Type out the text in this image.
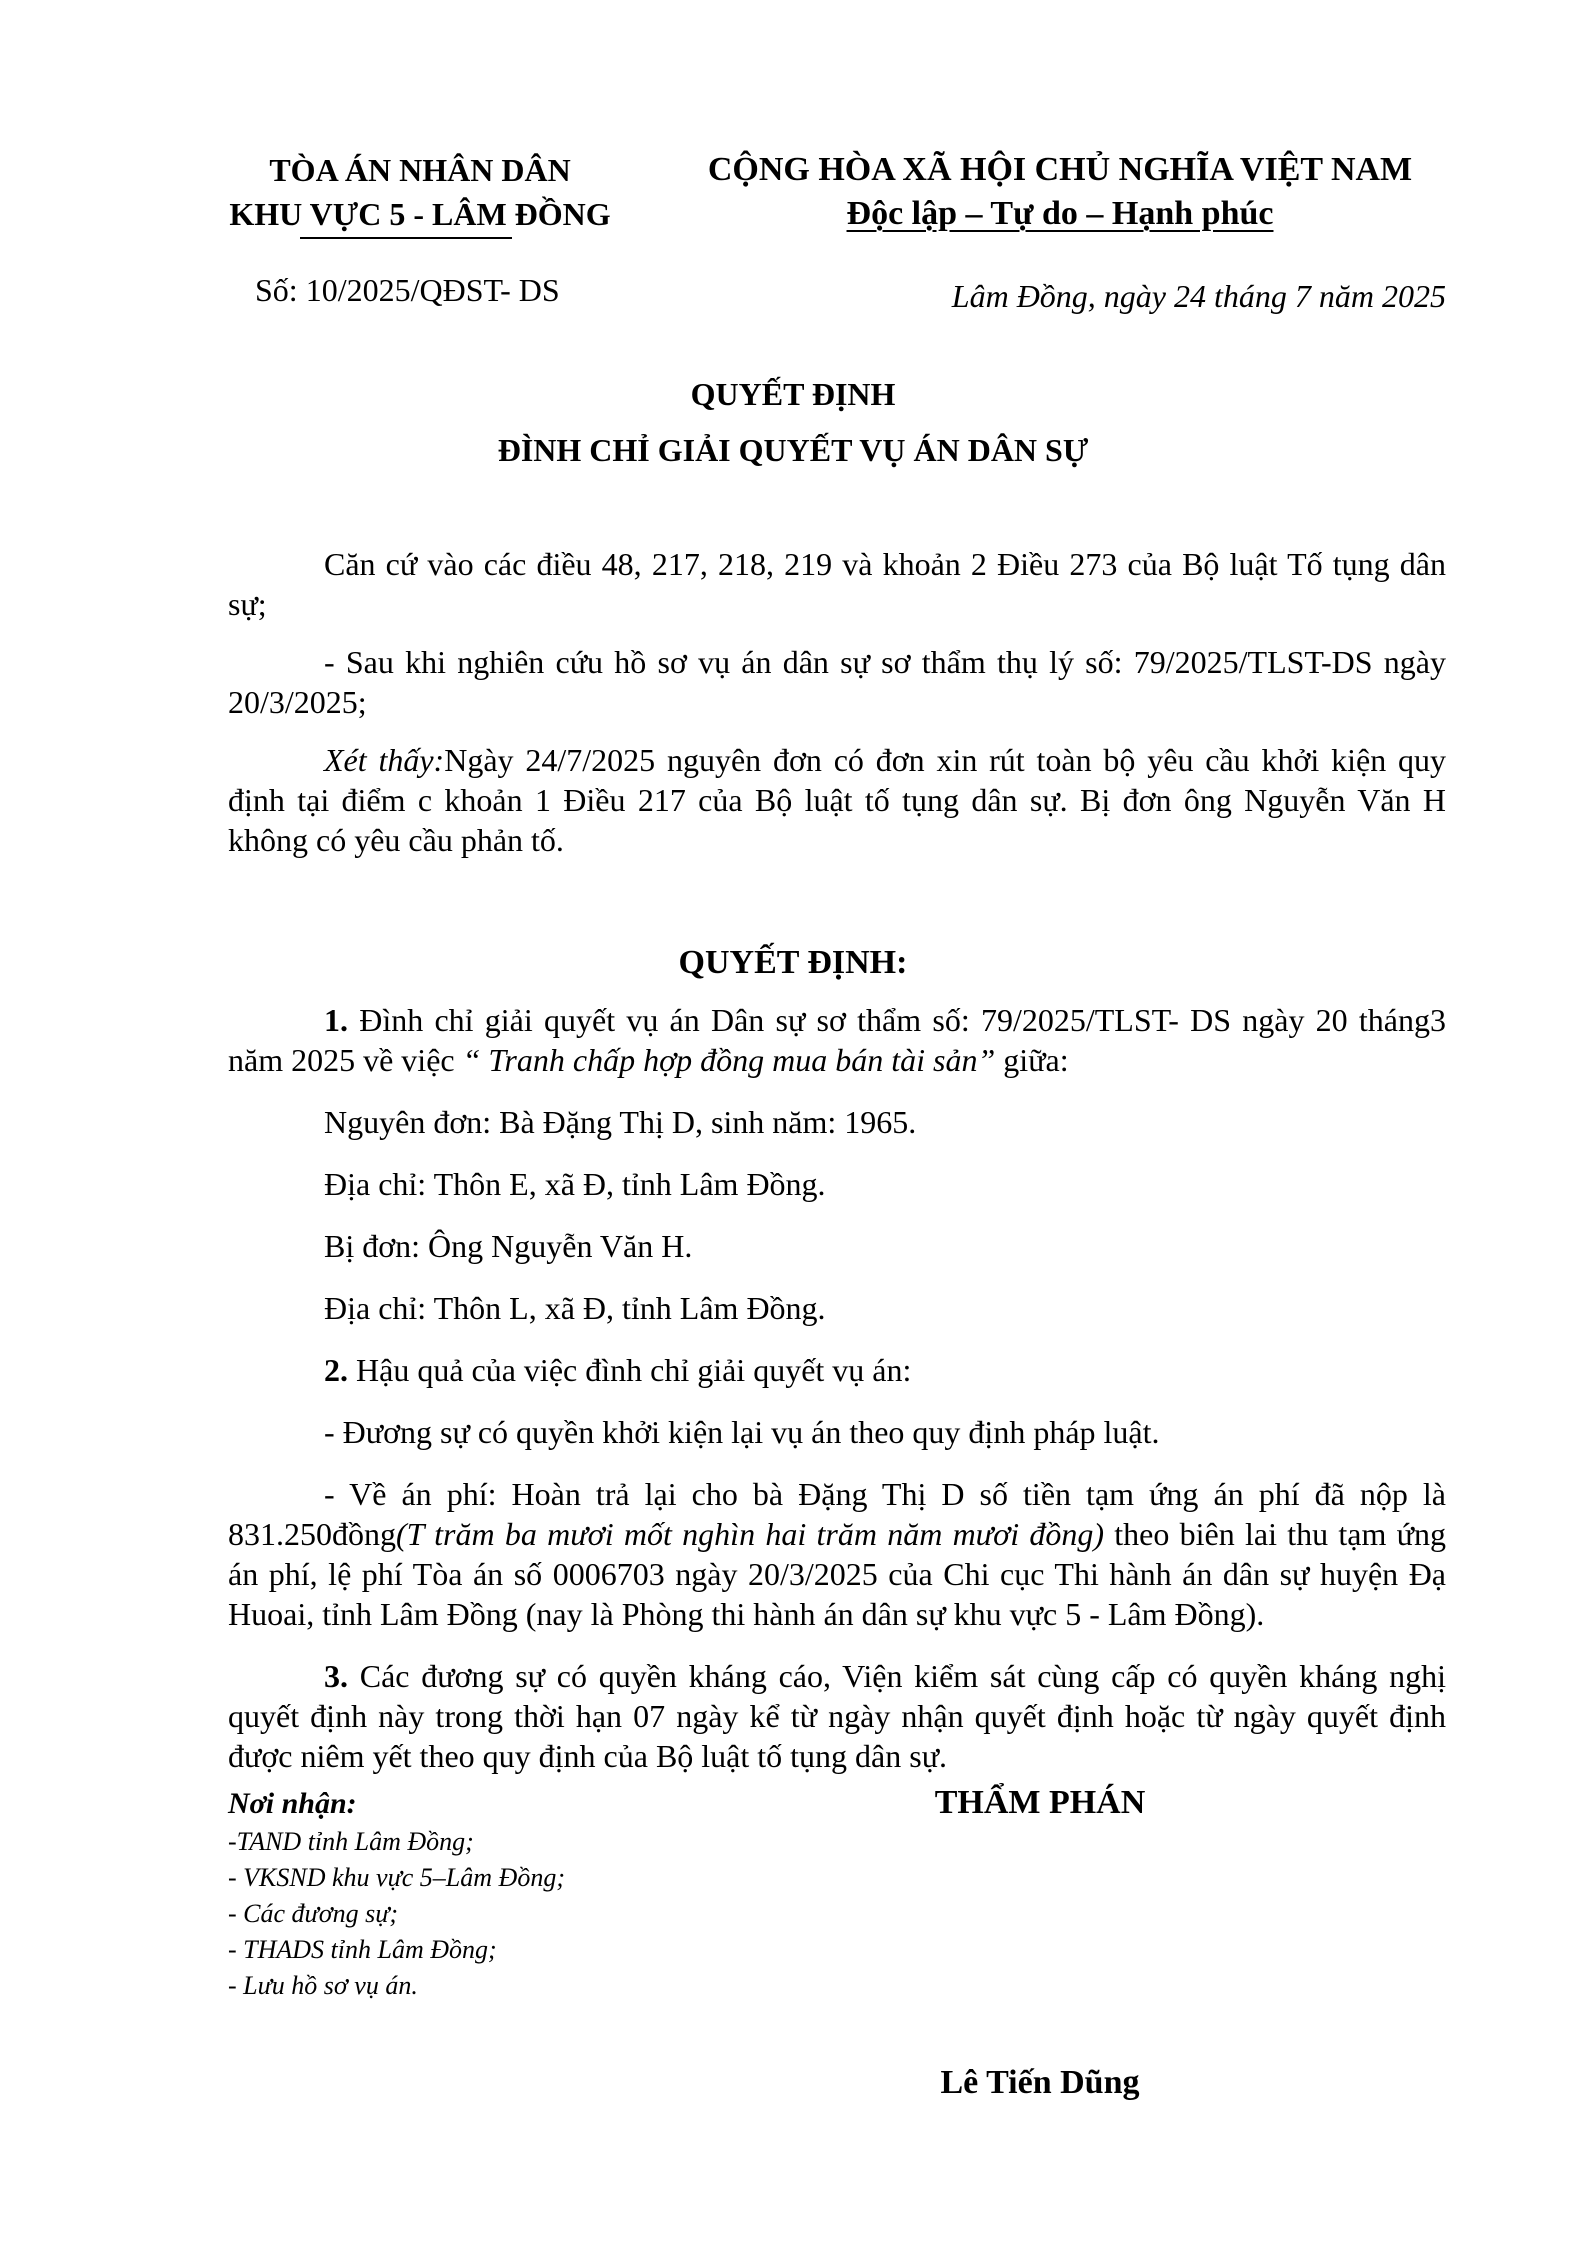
TÒA ÁN NHÂN DÂN
KHU VỰC 5 - LÂM ĐỒNG
CỘNG HÒA XÃ HỘI CHỦ NGHĨA VIỆT NAM
Độc lập – Tự do – Hạnh phúc
Số: 10/2025/QĐST- DS	Lâm Đồng, ngày 24 tháng 7 năm 2025
QUYẾT ĐỊNH
ĐÌNH CHỈ GIẢI QUYẾT VỤ ÁN DÂN SỰ

Căn cứ vào các điều 48, 217, 218, 219 và khoản 2 Điều 273 của Bộ luật Tố tụng dân sự;

- Sau khi nghiên cứu hồ sơ vụ án dân sự sơ thẩm thụ lý số: 79/2025/TLST-DS ngày 20/3/2025;

Xét thấy:Ngày 24/7/2025 nguyên đơn có đơn xin rút toàn bộ yêu cầu khởi kiện quy định tại điểm c khoản 1 Điều 217 của Bộ luật tố tụng dân sự. Bị đơn ông Nguyễn Văn H không có yêu cầu phản tố.

QUYẾT ĐỊNH:

1. Đình chỉ giải quyết vụ án Dân sự sơ thẩm số: 79/2025/TLST- DS ngày 20 tháng3 năm 2025 về việc “ Tranh chấp hợp đồng mua bán tài sản” giữa:

Nguyên đơn: Bà Đặng Thị D, sinh năm: 1965.

Địa chỉ: Thôn E, xã Đ, tỉnh Lâm Đồng.

Bị đơn: Ông Nguyễn Văn H.

Địa chỉ: Thôn L, xã Đ, tỉnh Lâm Đồng.

2. Hậu quả của việc đình chỉ giải quyết vụ án:

- Đương sự có quyền khởi kiện lại vụ án theo quy định pháp luật.

- Về án phí: Hoàn trả lại cho bà Đặng Thị D số tiền tạm ứng án phí đã nộp là 831.250đồng(T trăm ba mươi mốt nghìn hai trăm năm mươi đồng) theo biên lai thu tạm ứng án phí, lệ phí Tòa án số 0006703 ngày 20/3/2025 của Chi cục Thi hành án dân sự huyện Đạ Huoai, tỉnh Lâm Đồng (nay là Phòng thi hành án dân sự khu vực 5 - Lâm Đồng).

3. Các đương sự có quyền kháng cáo, Viện kiểm sát cùng cấp có quyền kháng nghị quyết định này trong thời hạn 07 ngày kể từ ngày nhận quyết định hoặc từ ngày quyết định được niêm yết theo quy định của Bộ luật tố tụng dân sự.

Nơi nhận:
-TAND tỉnh Lâm Đồng;
- VKSND khu vực 5–Lâm Đồng;
- Các đương sự;
- THADS tỉnh Lâm Đồng;
- Lưu hồ sơ vụ án.
THẨM PHÁN
Lê Tiến Dũng
